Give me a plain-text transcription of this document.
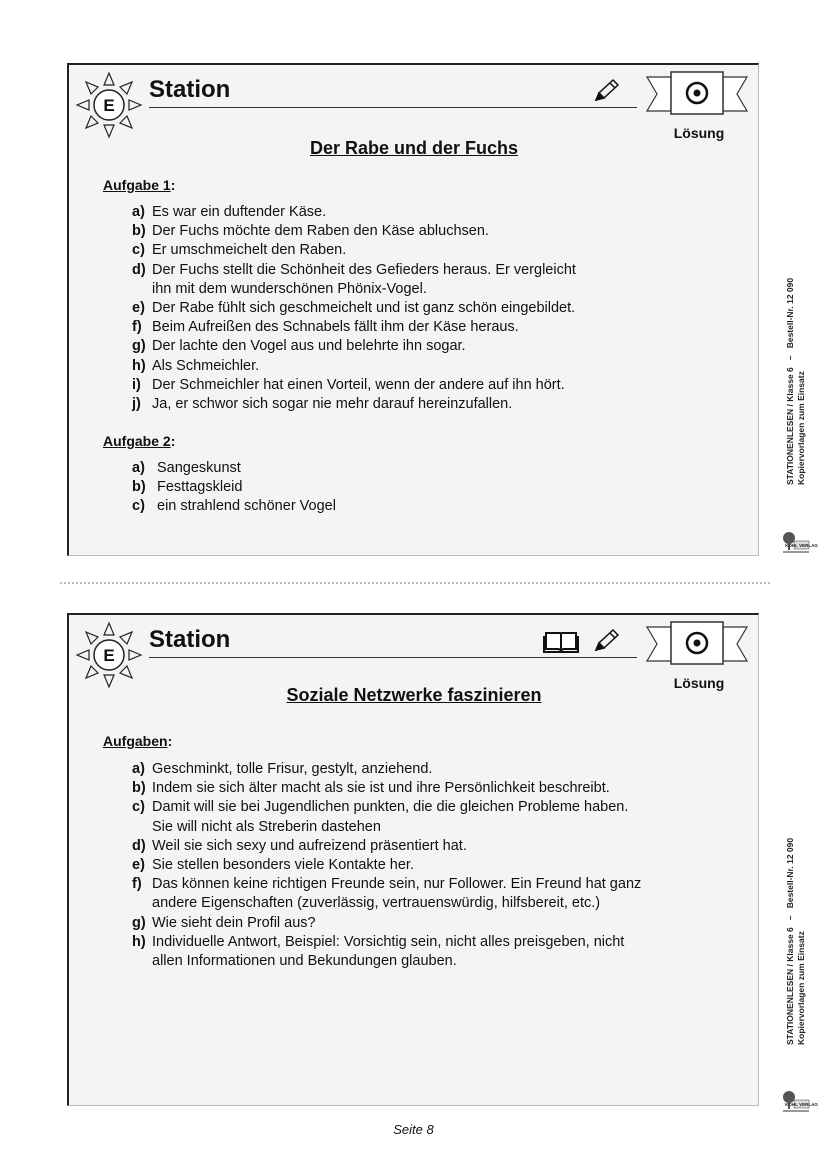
E
Station
Lösung
Der Rabe und der Fuchs
Aufgabe 1:
a) Es war ein duftender Käse.
b) Der Fuchs möchte dem Raben den Käse abluchsen.
c) Er umschmeichelt den Raben.
d) Der Fuchs stellt die Schönheit des Gefieders heraus. Er vergleicht
ihn mit dem wunderschönen Phönix-Vogel.
e) Der Rabe fühlt sich geschmeichelt und ist ganz schön eingebildet.
f) Beim Aufreißen des Schnabels fällt ihm der Käse heraus.
g) Der lachte den Vogel aus und belehrte ihn sogar.
h) Als Schmeichler.
i) Der Schmeichler hat einen Vorteil, wenn der andere auf ihn hört.
j) Ja, er schwor sich sogar nie mehr darauf hereinzufallen.
Aufgabe 2:
a) Sangeskunst
b) Festtagskleid
c) ein strahlend schöner Vogel
STATIONENLESEN / Klasse 6   –   Bestell-Nr. 12 090
Kopiervorlagen zum Einsatz
KOHL VERLAG
E
Station
Lösung
Soziale Netzwerke faszinieren
Aufgaben:
a) Geschminkt, tolle Frisur, gestylt, anziehend.
b) Indem sie sich älter macht als sie ist und ihre Persönlichkeit beschreibt.
c) Damit will sie bei Jugendlichen punkten, die die gleichen Probleme haben.
Sie will nicht als Streberin dastehen
d) Weil sie sich sexy und aufreizend präsentiert hat.
e) Sie stellen besonders viele Kontakte her.
f) Das können keine richtigen Freunde sein, nur Follower. Ein Freund hat ganz
andere Eigenschaften (zuverlässig, vertrauenswürdig, hilfsbereit, etc.)
g) Wie sieht dein Profil aus?
h) Individuelle Antwort, Beispiel: Vorsichtig sein, nicht alles preisgeben, nicht
allen Informationen und Bekundungen glauben.	STATIONENLESEN / Klasse 6   –   Bestell-Nr. 12 090
Kopiervorlagen zum Einsatz
KOHL VERLAG
Seite 8
